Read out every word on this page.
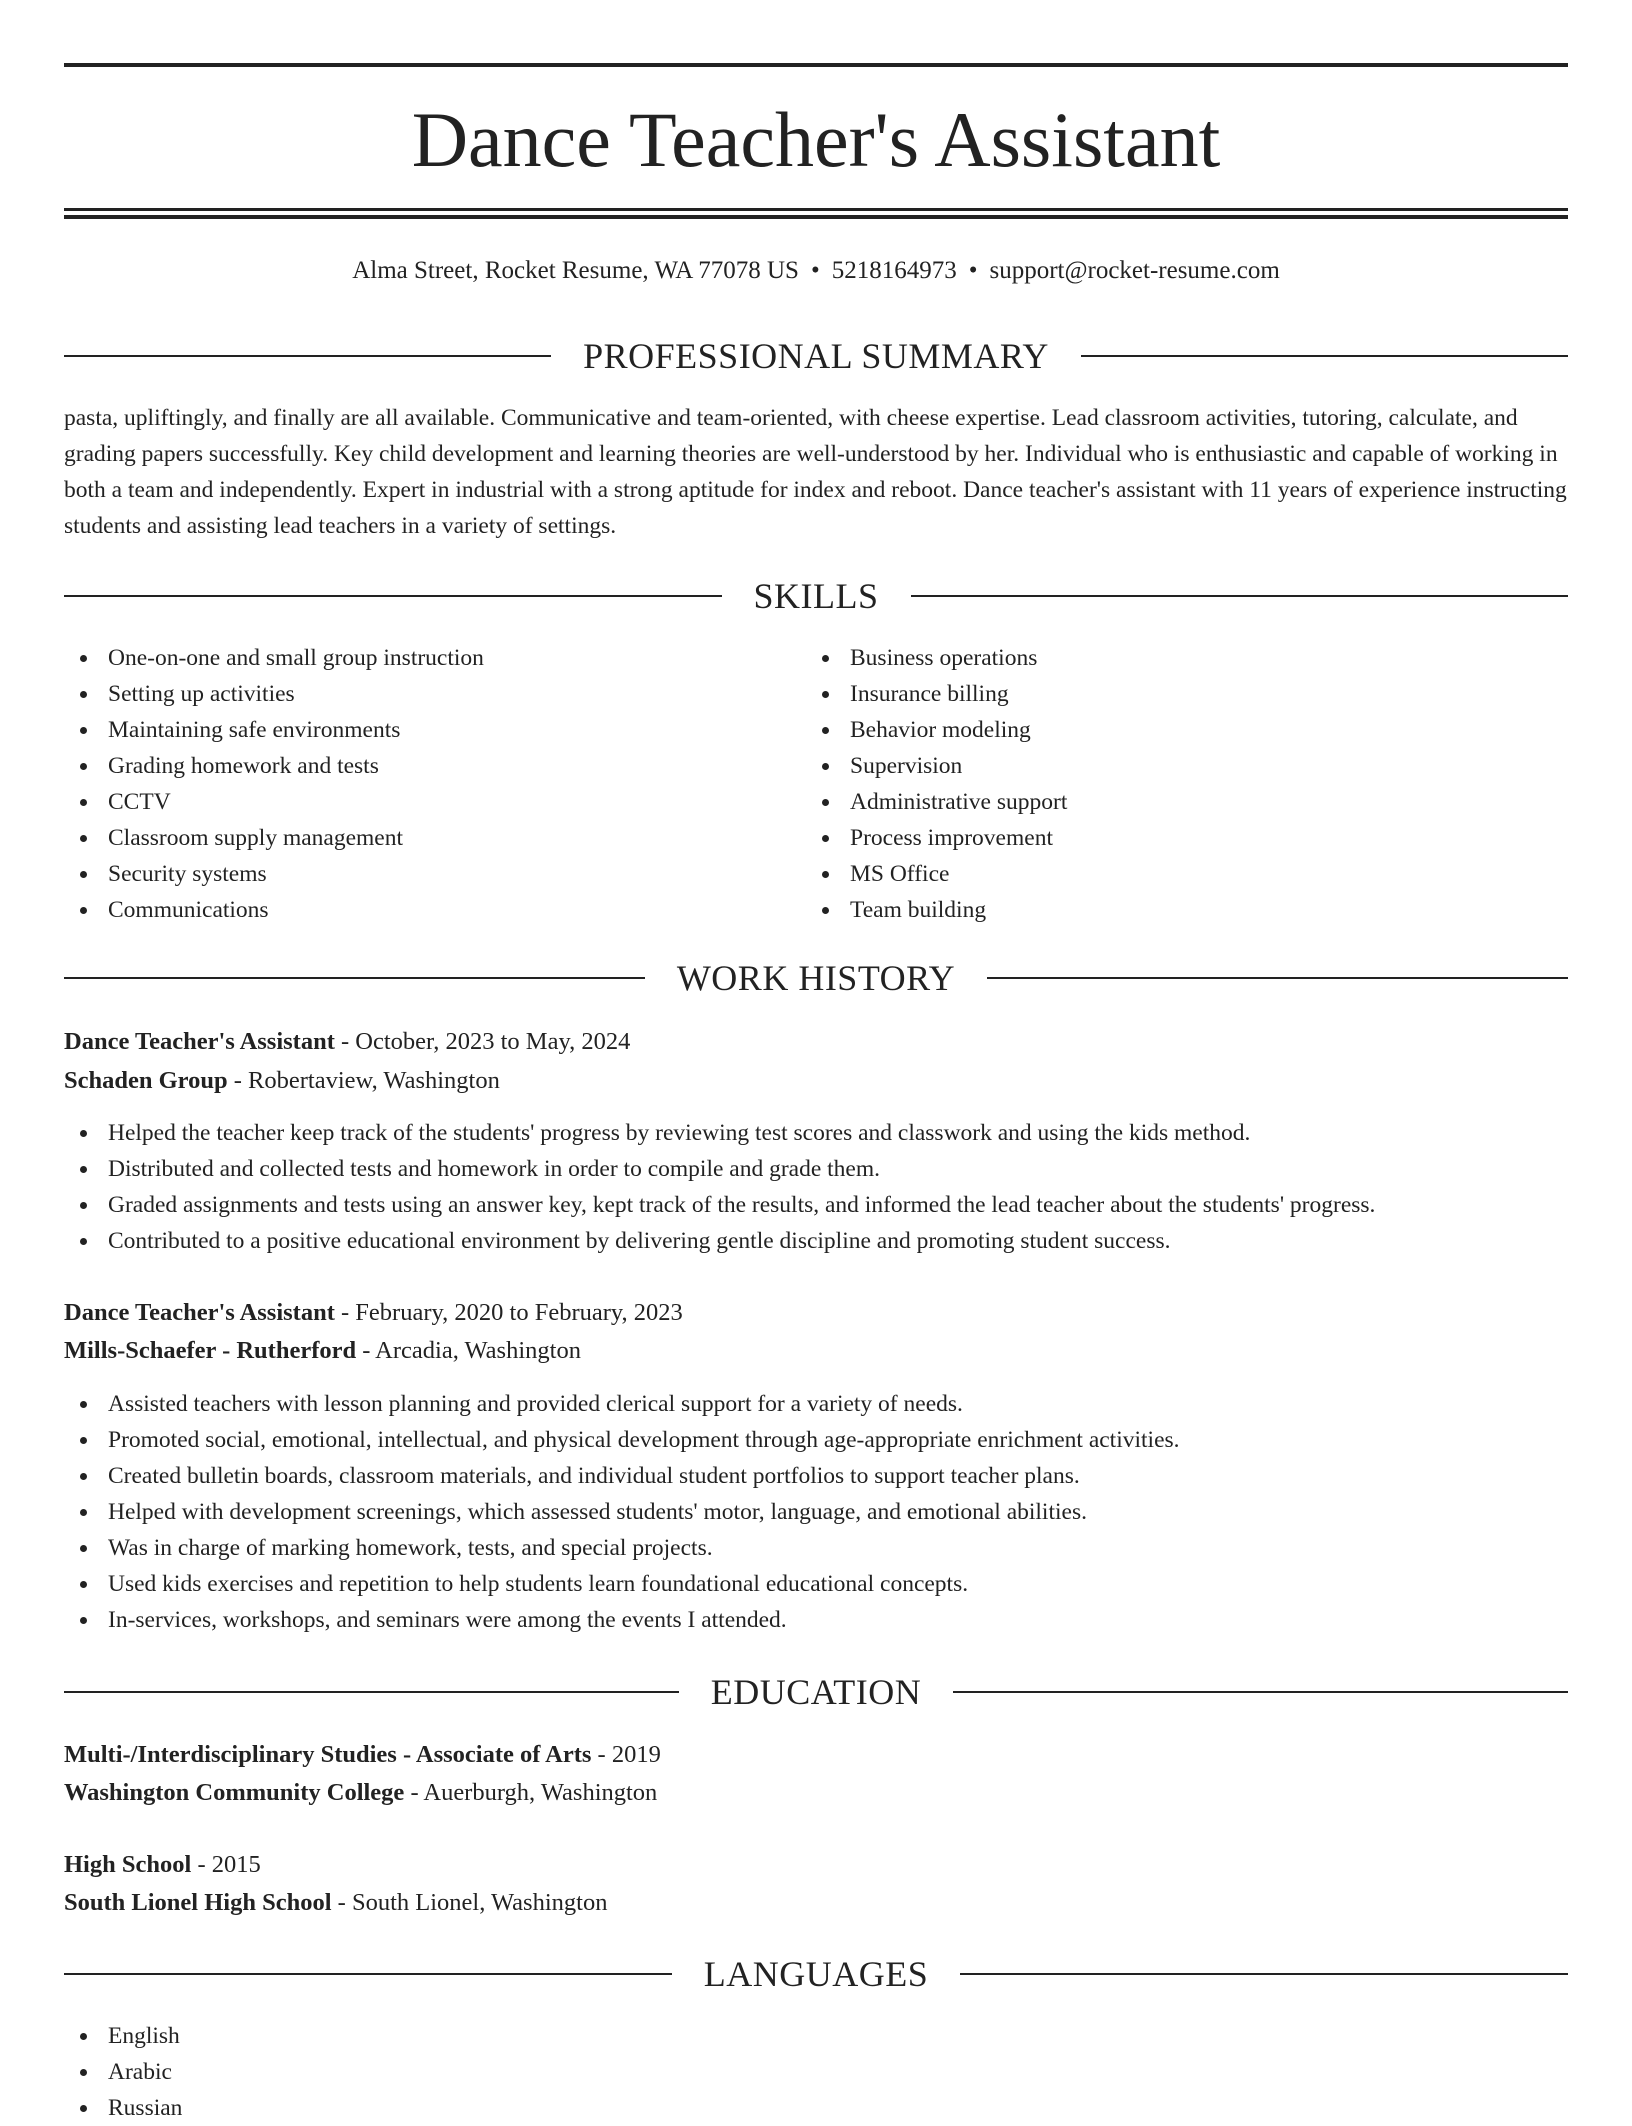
Dance Teacher's Assistant
Alma Street, Rocket Resume, WA 77078 US • 5218164973 • support@rocket-resume.com
PROFESSIONAL SUMMARY

pasta, upliftingly, and finally are all available. Communicative and team-oriented, with cheese expertise. Lead classroom activities, tutoring, calculate, and grading papers successfully. Key child development and learning theories are well-understood by her. Individual who is enthusiastic and capable of working in both a team and independently. Expert in industrial with a strong aptitude for index and reboot. Dance teacher's assistant with 11 years of experience instructing students and assisting lead teachers in a variety of settings.

SKILLS
One-on-one and small group instruction
Setting up activities
Maintaining safe environments
Grading homework and tests
CCTV
Classroom supply management
Security systems
Communications
Business operations
Insurance billing
Behavior modeling
Supervision
Administrative support
Process improvement
MS Office
Team building
WORK HISTORY
Dance Teacher's Assistant - October, 2023 to May, 2024
Schaden Group - Robertaview, Washington
Helped the teacher keep track of the students' progress by reviewing test scores and classwork and using the kids method.
Distributed and collected tests and homework in order to compile and grade them.
Graded assignments and tests using an answer key, kept track of the results, and informed the lead teacher about the students' progress.
Contributed to a positive educational environment by delivering gentle discipline and promoting student success.
Dance Teacher's Assistant - February, 2020 to February, 2023
Mills-Schaefer - Rutherford - Arcadia, Washington
Assisted teachers with lesson planning and provided clerical support for a variety of needs.
Promoted social, emotional, intellectual, and physical development through age-appropriate enrichment activities.
Created bulletin boards, classroom materials, and individual student portfolios to support teacher plans.
Helped with development screenings, which assessed students' motor, language, and emotional abilities.
Was in charge of marking homework, tests, and special projects.
Used kids exercises and repetition to help students learn foundational educational concepts.
In-services, workshops, and seminars were among the events I attended.
EDUCATION
Multi-/Interdisciplinary Studies - Associate of Arts - 2019
Washington Community College - Auerburgh, Washington
High School - 2015
South Lionel High School - South Lionel, Washington
LANGUAGES
English
Arabic
Russian
